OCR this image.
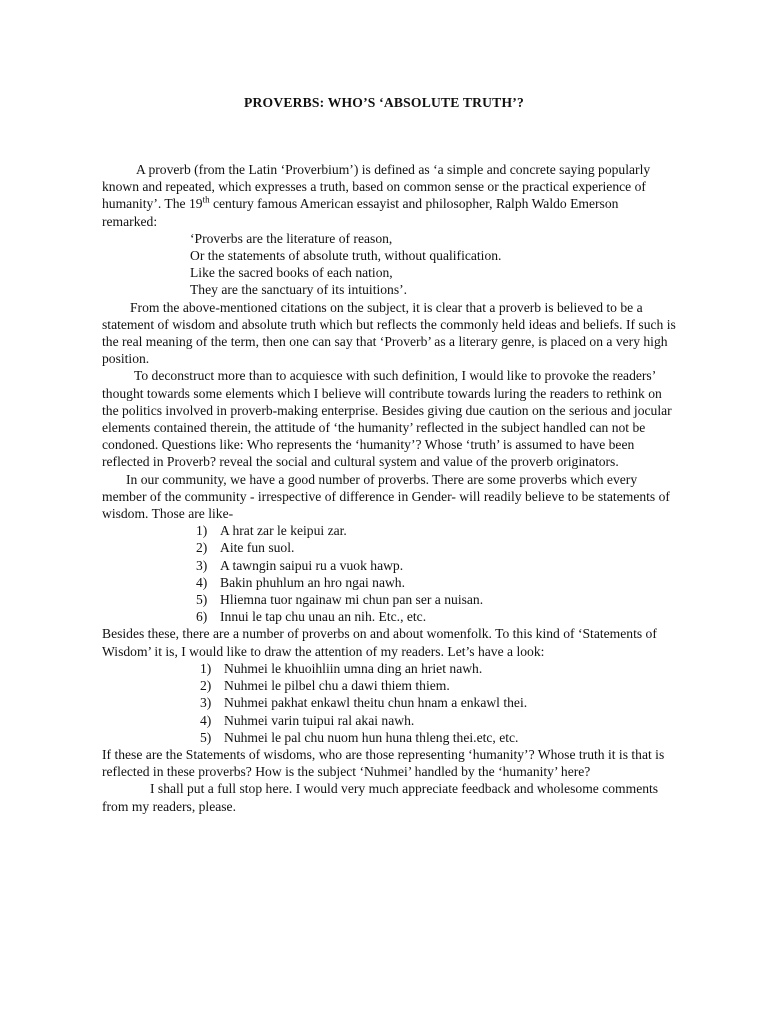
PROVERBS: WHO’S ‘ABSOLUTE TRUTH’?

A proverb (from the Latin ‘Proverbium’) is defined as ‘a simple and concrete saying popularly known and repeated, which expresses a truth, based on common sense or the practical experience of humanity’. The 19th century famous American essayist and philosopher, Ralph Waldo Emerson remarked:

‘Proverbs are the literature of reason,
Or the statements of absolute truth, without qualification.
Like the sacred books of each nation,
They are the sanctuary of its intuitions’.

From the above-mentioned citations on the subject, it is clear that a proverb is believed to be a statement of wisdom and absolute truth which but reflects the commonly held ideas and beliefs. If such is the real meaning of the term, then one can say that ‘Proverb’ as a literary genre, is placed on a very high position.

To deconstruct more than to acquiesce with such definition, I would like to provoke the readers’ thought towards some elements which I believe will contribute towards luring the readers to rethink on the politics involved in proverb-making enterprise. Besides giving due caution on the serious and jocular elements contained therein, the attitude of ‘the humanity’ reflected in the subject handled can not be condoned. Questions like: Who represents the ‘humanity’? Whose ‘truth’ is assumed to have been reflected in Proverb? reveal the social and cultural system and value of the proverb originators.

In our community, we have a good number of proverbs. There are some proverbs which every member of the community - irrespective of difference in Gender- will readily believe to be statements of wisdom. Those are like-

1) A hrat zar le keipui zar.
2) Aite fun suol.
3) A tawngin saipui ru a vuok hawp.
4) Bakin phuhlum an hro ngai nawh.
5) Hliemna tuor ngainaw mi chun pan ser a nuisan.
6) Innui le tap chu unau an nih. Etc., etc.

Besides these, there are a number of proverbs on and about womenfolk. To this kind of ‘Statements of Wisdom’ it is, I would like to draw the attention of my readers. Let’s have a look:

1) Nuhmei le khuoihliin umna ding an hriet nawh.
2) Nuhmei le pilbel chu a dawi thiem thiem.
3) Nuhmei pakhat enkawl theitu chun hnam a enkawl thei.
4) Nuhmei varin tuipui ral akai nawh.
5) Nuhmei le pal chu nuom hun huna thleng thei.etc, etc.

If these are the Statements of wisdoms, who are those representing ‘humanity’? Whose truth it is that is reflected in these proverbs? How is the subject ‘Nuhmei’ handled by the ‘humanity’ here?

I shall put a full stop here. I would very much appreciate feedback and wholesome comments from my readers, please.
